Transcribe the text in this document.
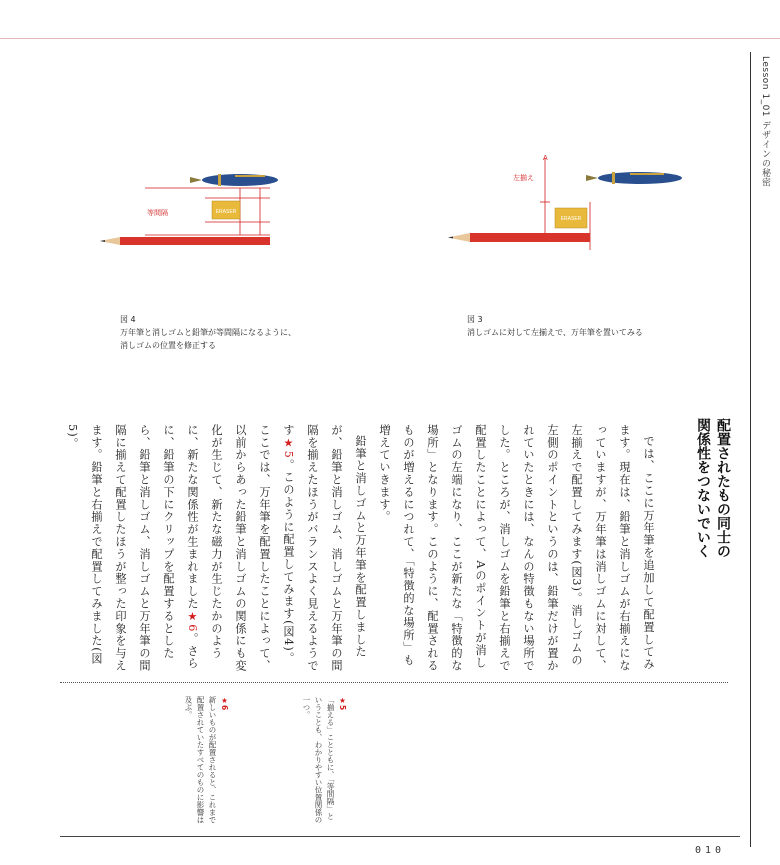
Lesson 1_01 デザインの秘密
010
ERASER
等間隔
図 4
万年筆と消しゴムと鉛筆が等間隔になるように、
消しゴムの位置を修正する
A
左揃え
ERASER
図 3
消しゴムに対して左揃えで、万年筆を置いてみる
配置されたもの同士の
関係性をつないでいく

では、ここに万年筆を追加して配置してみます。現在は、鉛筆と消しゴムが右揃えになっていますが、万年筆は消しゴムに対して、左揃えで配置してみます(図3)。消しゴムの左側のポイントというのは、鉛筆だけが置かれていたときには、なんの特徴もない場所でした。ところが、消しゴムを鉛筆と右揃えで配置したことによって、Aのポイントが消しゴムの左端になり、ここが新たな「特徴的な場所」となります。このように、配置されるものが増えるにつれて、「特徴的な場所」も増えていきます。

鉛筆と消しゴムと万年筆を配置しましたが、鉛筆と消しゴム、消しゴムと万年筆の間隔を揃えたほうがバランスよく見えるようです★5。このように配置してみます(図4)。ここでは、万年筆を配置したことによって、以前からあった鉛筆と消しゴムの関係にも変化が生じて、新たな磁力が生じたかのように、新たな関係性が生まれました★6。さらに、鉛筆の下にクリップを配置するとしたら、鉛筆と消しゴム、消しゴムと万年筆の間隔に揃えて配置したほうが整った印象を与えます。鉛筆と右揃えで配置してみました(図5)。

★5
「揃える」ことともに、「等間隔」ということも、わかりやすい位置関係の一つ。
★6
新しいものが配置されると、これまで配置されていたすべてのものに影響は及ぶ。
